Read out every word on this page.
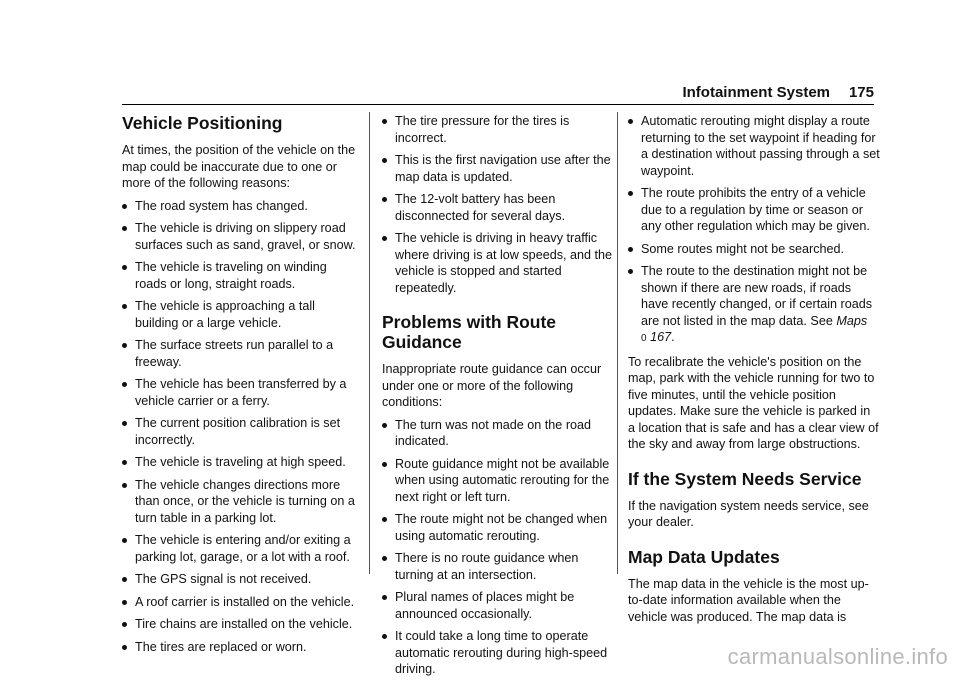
Infotainment System 175
Vehicle Positioning

At times, the position of the vehicle on the map could be inaccurate due to one or more of the following reasons:

The road system has changed.
The vehicle is driving on slippery road surfaces such as sand, gravel, or snow.
The vehicle is traveling on winding roads or long, straight roads.
The vehicle is approaching a tall building or a large vehicle.
The surface streets run parallel to a freeway.
The vehicle has been transferred by a vehicle carrier or a ferry.
The current position calibration is set incorrectly.
The vehicle is traveling at high speed.
The vehicle changes directions more than once, or the vehicle is turning on a turn table in a parking lot.
The vehicle is entering and/or exiting a parking lot, garage, or a lot with a roof.
The GPS signal is not received.
A roof carrier is installed on the vehicle.
Tire chains are installed on the vehicle.
The tires are replaced or worn.
The tire pressure for the tires is incorrect.
This is the first navigation use after the map data is updated.
The 12-volt battery has been disconnected for several days.
The vehicle is driving in heavy traffic where driving is at low speeds, and the vehicle is stopped and started repeatedly.
Problems with Route Guidance

Inappropriate route guidance can occur under one or more of the following conditions:

The turn was not made on the road indicated.
Route guidance might not be available when using automatic rerouting for the next right or left turn.
The route might not be changed when using automatic rerouting.
There is no route guidance when turning at an intersection.
Plural names of places might be announced occasionally.
It could take a long time to operate automatic rerouting during high-speed driving.
Automatic rerouting might display a route returning to the set waypoint if heading for a destination without passing through a set waypoint.
The route prohibits the entry of a vehicle due to a regulation by time or season or any other regulation which may be given.
Some routes might not be searched.
The route to the destination might not be shown if there are new roads, if roads have recently changed, or if certain roads are not listed in the map data. See Maps
0 167.

To recalibrate the vehicle's position on the map, park with the vehicle running for two to five minutes, until the vehicle position updates. Make sure the vehicle is parked in a location that is safe and has a clear view of the sky and away from large obstructions.

If the System Needs Service

If the navigation system needs service, see your dealer.

Map Data Updates

The map data in the vehicle is the most up-to-date information available when the vehicle was produced. The map data is

carmanualsonline.info
